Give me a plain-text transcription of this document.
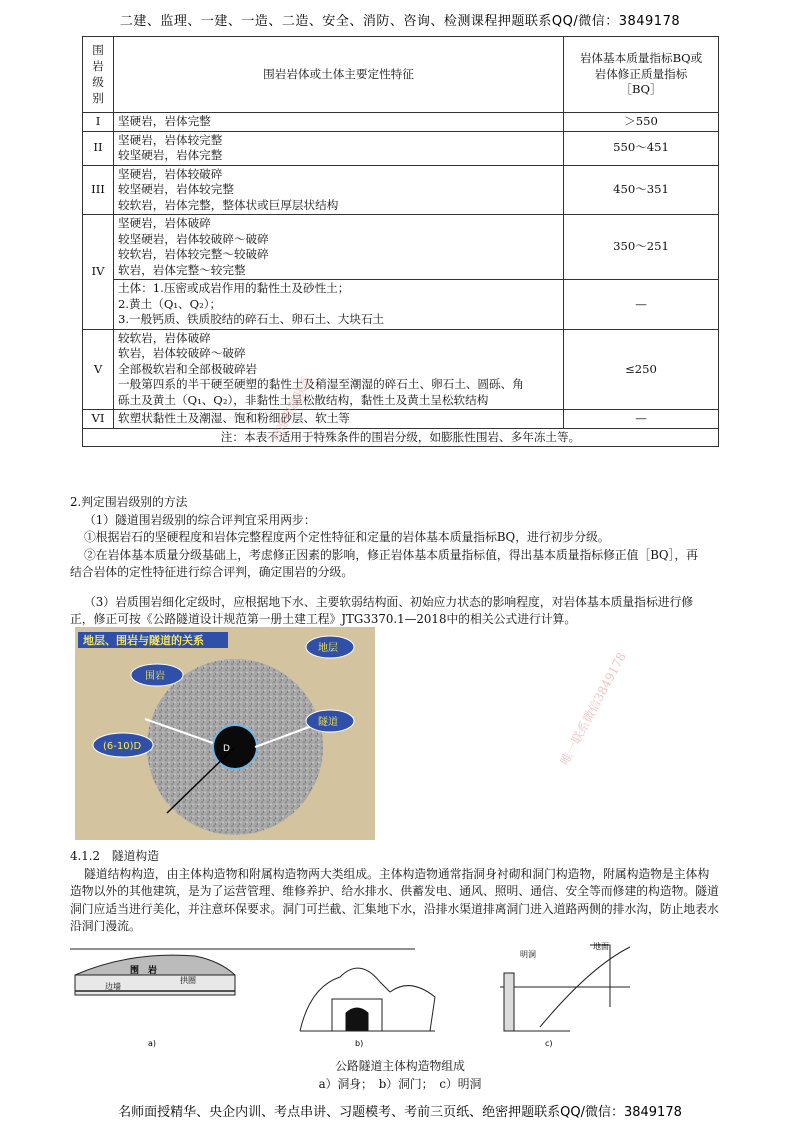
二建、监理、一建、一造、二造、安全、消防、咨询、检测课程押题联系QQ/微信：3849178
围岩级别	围岩岩体或土体主要定性特征	岩体基本质量指标BQ或
岩体修正质量指标
［BQ］

I	坚硬岩，岩体完整	＞550
II	坚硬岩，岩体较完整
较坚硬岩，岩体完整	550～451
III	坚硬岩，岩体较破碎
较坚硬岩，岩体较完整
较软岩，岩体完整，整体状或巨厚层状结构	450～351
IV	坚硬岩，岩体破碎
较坚硬岩，岩体较破碎～破碎
较软岩，岩体较完整～较破碎
软岩，岩体完整～较完整	350～251

	土体：1.压密或成岩作用的黏性土及砂性土；
2.黄土（Q₁、Q₂）；
3.一般钙质、铁质胶结的碎石土、卵石土、大块石土	—
V	较软岩，岩体破碎
软岩，岩体较破碎～破碎
全部极软岩和全部极破碎岩
一般第四系的半干硬至硬塑的黏性土及稍湿至潮湿的碎石土、卵石土、圆砾、角
砾土及黄土（Q₁、Q₂），非黏性土呈松散结构，黏性土及黄土呈松软结构	≤250
VI	软塑状黏性土及潮湿、饱和粉细砂层、软土等	—
注：本表不适用于特殊条件的围岩分级，如膨胀性围岩、多年冻土等。		
2.判定围岩级别的方法
（1）隧道围岩级别的综合评判宜采用两步：
①根据岩石的坚硬程度和岩体完整程度两个定性特征和定量的岩体基本质量指标BQ，进行初步分级。
②在岩体基本质量分级基础上，考虑修正因素的影响，修正岩体基本质量指标值，得出基本质量指标修正值［BQ］，再
结合岩体的定性特征进行综合评判，确定围岩的分级。
（3）岩质围岩细化定级时，应根据地下水、主要软弱结构面、初始应力状态的影响程度，对岩体基本质量指标进行修
正，修正可按《公路隧道设计规范第一册土建工程》JTG3370.1—2018中的相关公式进行计算。
地层、围岩与隧道的关系
D
围岩
地层
隧道
(6-10)D
4.1.2　隧道构造
隧道结构构造，由主体构造物和附属构造物两大类组成。主体构造物通常指洞身衬砌和洞门构造物，附属构造物是主体构
造物以外的其他建筑，是为了运营管理、维修养护、给水排水、供蓄发电、通风、照明、通信、安全等而修建的构造物。隧道
洞门应适当进行美化，并注意环保要求。洞门可拦截、汇集地下水，沿排水渠道排离洞门进入道路两侧的排水沟，防止地表水
沿洞门漫流。
围　岩
拱圈
边墙
a)	b)
地面
明洞
c)
公路隧道主体构造物组成
a）洞身；　b）洞门；　c）明洞
精准押题联系
唯一联系微信3849178
名师面授精华、央企内训、考点串讲、习题模考、考前三页纸、绝密押题联系QQ/微信：3849178
